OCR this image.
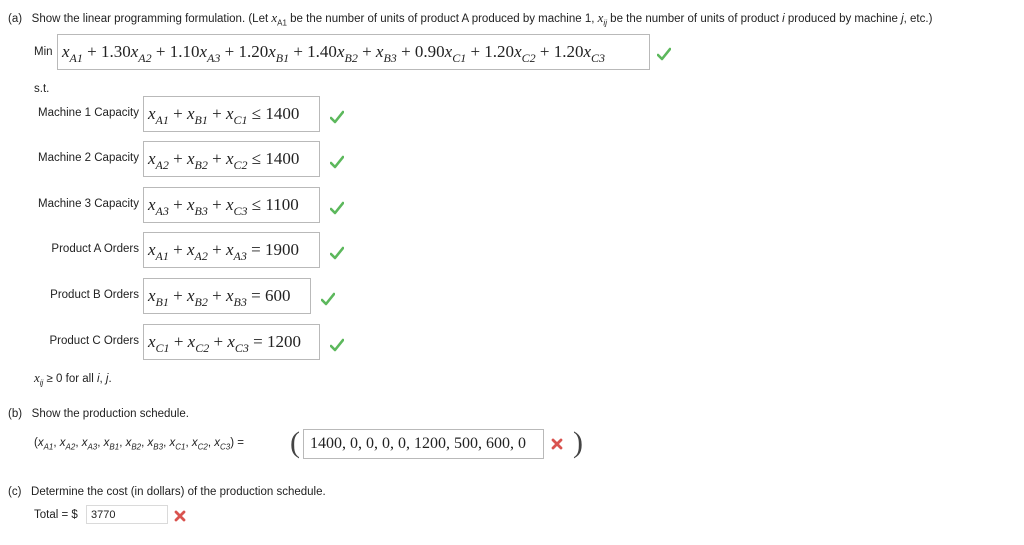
(a) Show the linear programming formulation. (Let $x_{A1}$ be the number of units of product A produced by machine 1, $x_{ij}$ be the number of units of product i produced by machine j, etc.)
Min $x_{A1} + 1.30x_{A2} + 1.10x_{A3} + 1.20x_{B1} + 1.40x_{B2} + x_{B3} + 0.90x_{C1} + 1.20x_{C2} + 1.20x_{C3}$
s.t.
Machine 1 Capacity $x_{A1} + x_{B1} + x_{C1} \le 1400$
Machine 2 Capacity $x_{A2} + x_{B2} + x_{C2} \le 1400$
Machine 3 Capacity $x_{A3} + x_{B3} + x_{C3} \le 1100$
Product A Orders $x_{A1} + x_{A2} + x_{A3} = 1900$
Product B Orders $x_{B1} + x_{B2} + x_{B3} = 600$
Product C Orders $x_{C1} + x_{C2} + x_{C3} = 1200$
$x_{ij} \ge 0$ for all i, j.
(b) Show the production schedule.
($x_{A1}$, $x_{A2}$, $x_{A3}$, $x_{B1}$, $x_{B2}$, $x_{B3}$, $x_{C1}$, $x_{C2}$, $x_{C3}$) = ( 1400, 0, 0, 0, 0, 1200, 500, 600, 0 )
(c) Determine the cost (in dollars) of the production schedule.
Total = $ 3770
